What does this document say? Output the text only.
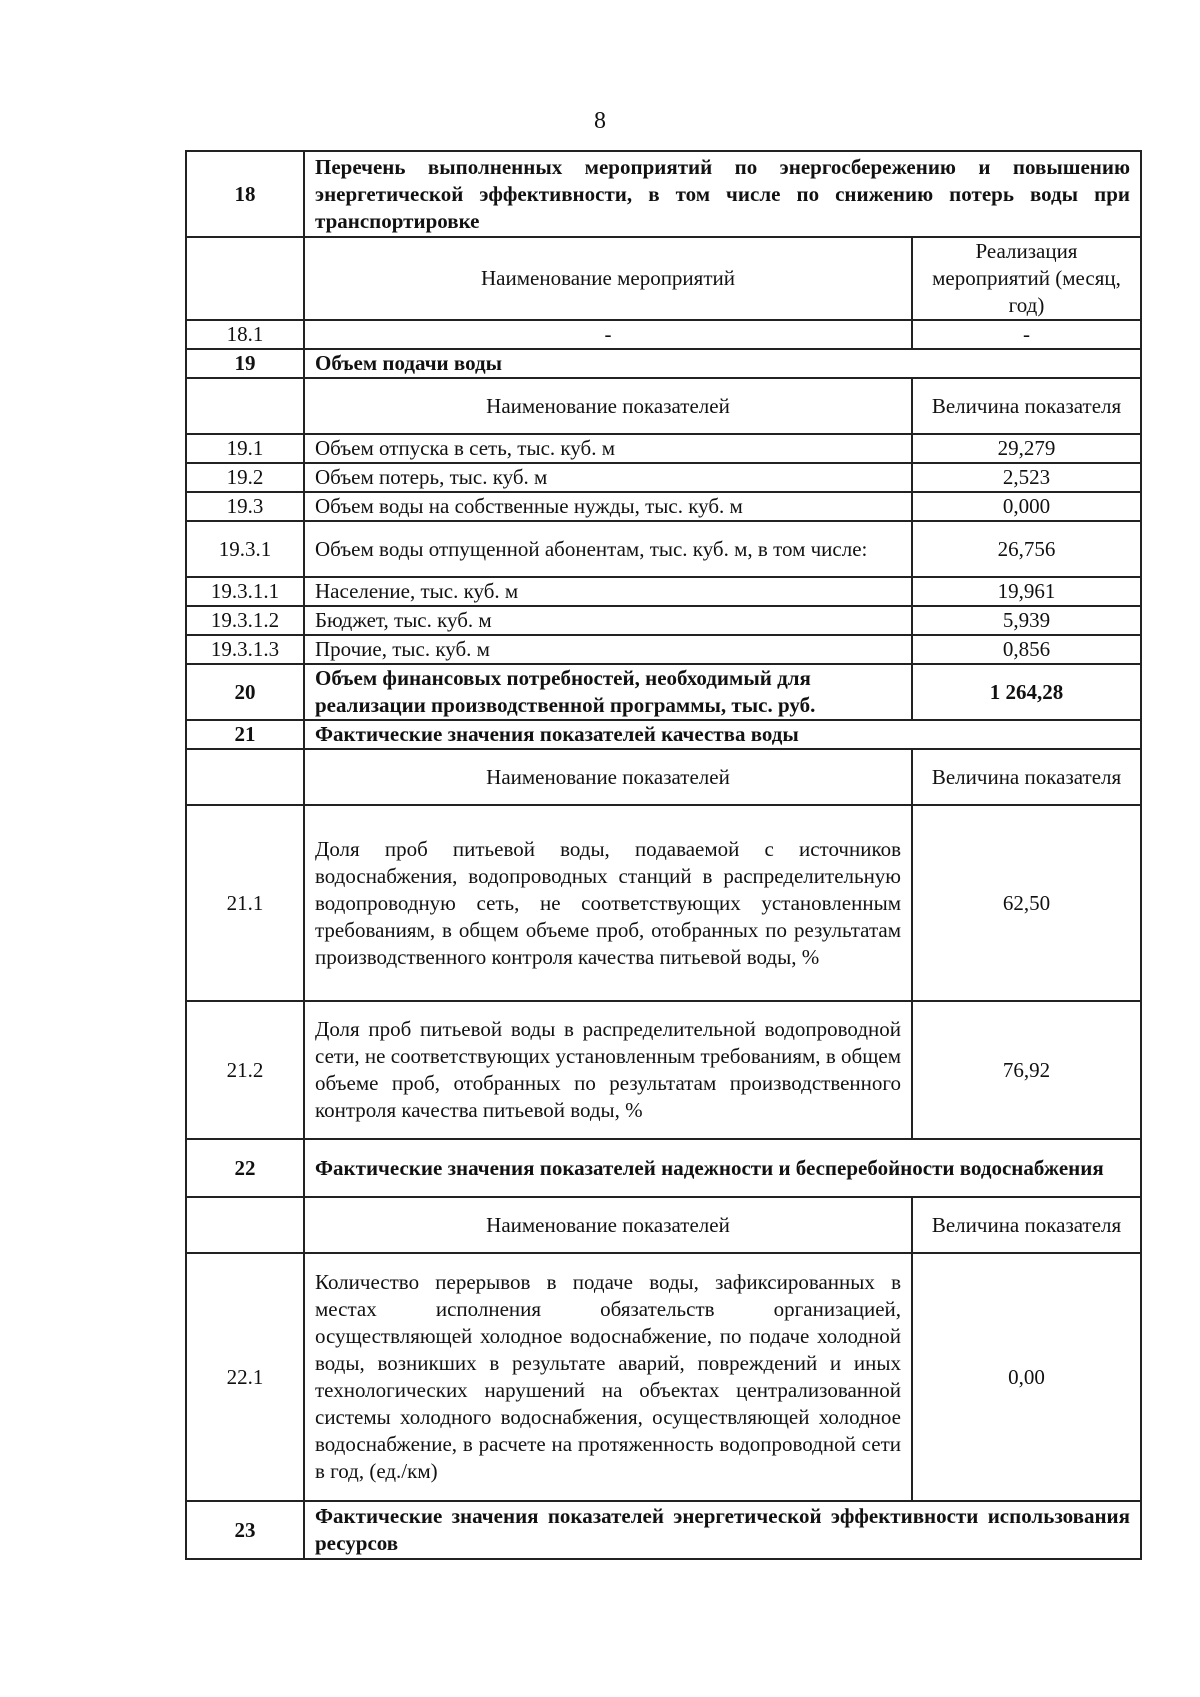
8
18	Перечень выполненных мероприятий по энергосбережению и повышению энергетической эффективности, в том числе по снижению потерь воды при транспортировке	
	Наименование мероприятий	Реализация мероприятий (месяц, год)
18.1	-	-
19	Объем подачи воды	
	Наименование показателей	Величина показателя
19.1	Объем отпуска в сеть, тыс. куб. м	29,279
19.2	Объем потерь, тыс. куб. м	2,523
19.3	Объем воды на собственные нужды, тыс. куб. м	0,000
19.3.1	Объем воды отпущенной абонентам, тыс. куб. м, в том числе:	26,756
19.3.1.1	Население, тыс. куб. м	19,961
19.3.1.2	Бюджет, тыс. куб. м	5,939
19.3.1.3	Прочие, тыс. куб. м	0,856
20	Объем финансовых потребностей, необходимый для реализации производственной программы, тыс. руб.	1 264,28
21	Фактические значения показателей качества воды	
	Наименование показателей	Величина показателя
21.1	Доля проб питьевой воды, подаваемой с источников водоснабжения, водопроводных станций в распределительную водопроводную сеть, не соответствующих установленным требованиям, в общем объеме проб, отобранных по результатам производственного контроля качества питьевой воды, %	62,50
21.2	Доля проб питьевой воды в распределительной водопроводной сети, не соответствующих установленным требованиям, в общем объеме проб, отобранных по результатам производственного контроля качества питьевой воды, %	76,92
22	Фактические значения показателей надежности и бесперебойности водоснабжения	
	Наименование показателей	Величина показателя
22.1	Количество перерывов в подаче воды, зафиксированных в местах исполнения обязательств организацией, осуществляющей холодное водоснабжение, по подаче холодной воды, возникших в результате аварий, повреждений и иных технологических нарушений на объектах централизованной системы холодного водоснабжения, осуществляющей холодное водоснабжение, в расчете на протяженность водопроводной сети в год, (ед./км)	0,00
23	Фактические значения показателей энергетической эффективности использования ресурсов	
